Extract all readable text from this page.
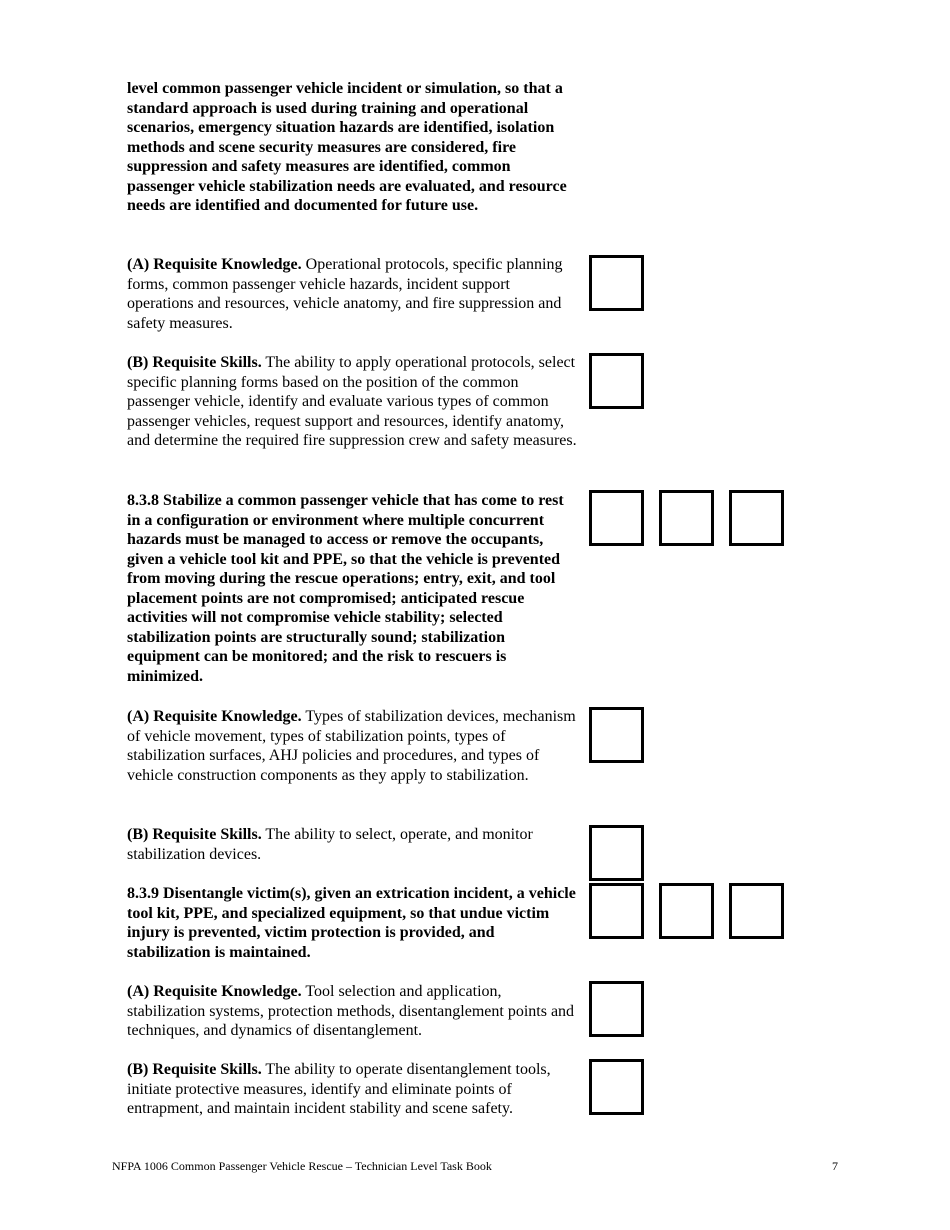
level common passenger vehicle incident or simulation, so that a standard approach is used during training and operational scenarios, emergency situation hazards are identified, isolation methods and scene security measures are considered, fire suppression and safety measures are identified, common passenger vehicle stabilization needs are evaluated, and resource needs are identified and documented for future use.

(A) Requisite Knowledge. Operational protocols, specific planning forms, common passenger vehicle hazards, incident support operations and resources, vehicle anatomy, and fire suppression and safety measures.

(B) Requisite Skills. The ability to apply operational protocols, select specific planning forms based on the position of the common passenger vehicle, identify and evaluate various types of common passenger vehicles, request support and resources, identify anatomy, and determine the required fire suppression crew and safety measures.

8.3.8 Stabilize a common passenger vehicle that has come to rest in a configuration or environment where multiple concurrent hazards must be managed to access or remove the occupants, given a vehicle tool kit and PPE, so that the vehicle is prevented from moving during the rescue operations; entry, exit, and tool placement points are not compromised; anticipated rescue activities will not compromise vehicle stability; selected stabilization points are structurally sound; stabilization equipment can be monitored; and the risk to rescuers is minimized.

(A) Requisite Knowledge. Types of stabilization devices, mechanism of vehicle movement, types of stabilization points, types of stabilization surfaces, AHJ policies and procedures, and types of vehicle construction components as they apply to stabilization.

(B) Requisite Skills. The ability to select, operate, and monitor stabilization devices.

8.3.9 Disentangle victim(s), given an extrication incident, a vehicle tool kit, PPE, and specialized equipment, so that undue victim injury is prevented, victim protection is provided, and stabilization is maintained.

(A) Requisite Knowledge. Tool selection and application, stabilization systems, protection methods, disentanglement points and techniques, and dynamics of disentanglement.

(B) Requisite Skills. The ability to operate disentanglement tools, initiate protective measures, identify and eliminate points of entrapment, and maintain incident stability and scene safety.

NFPA 1006 Common Passenger Vehicle Rescue – Technician Level Task Book	7
